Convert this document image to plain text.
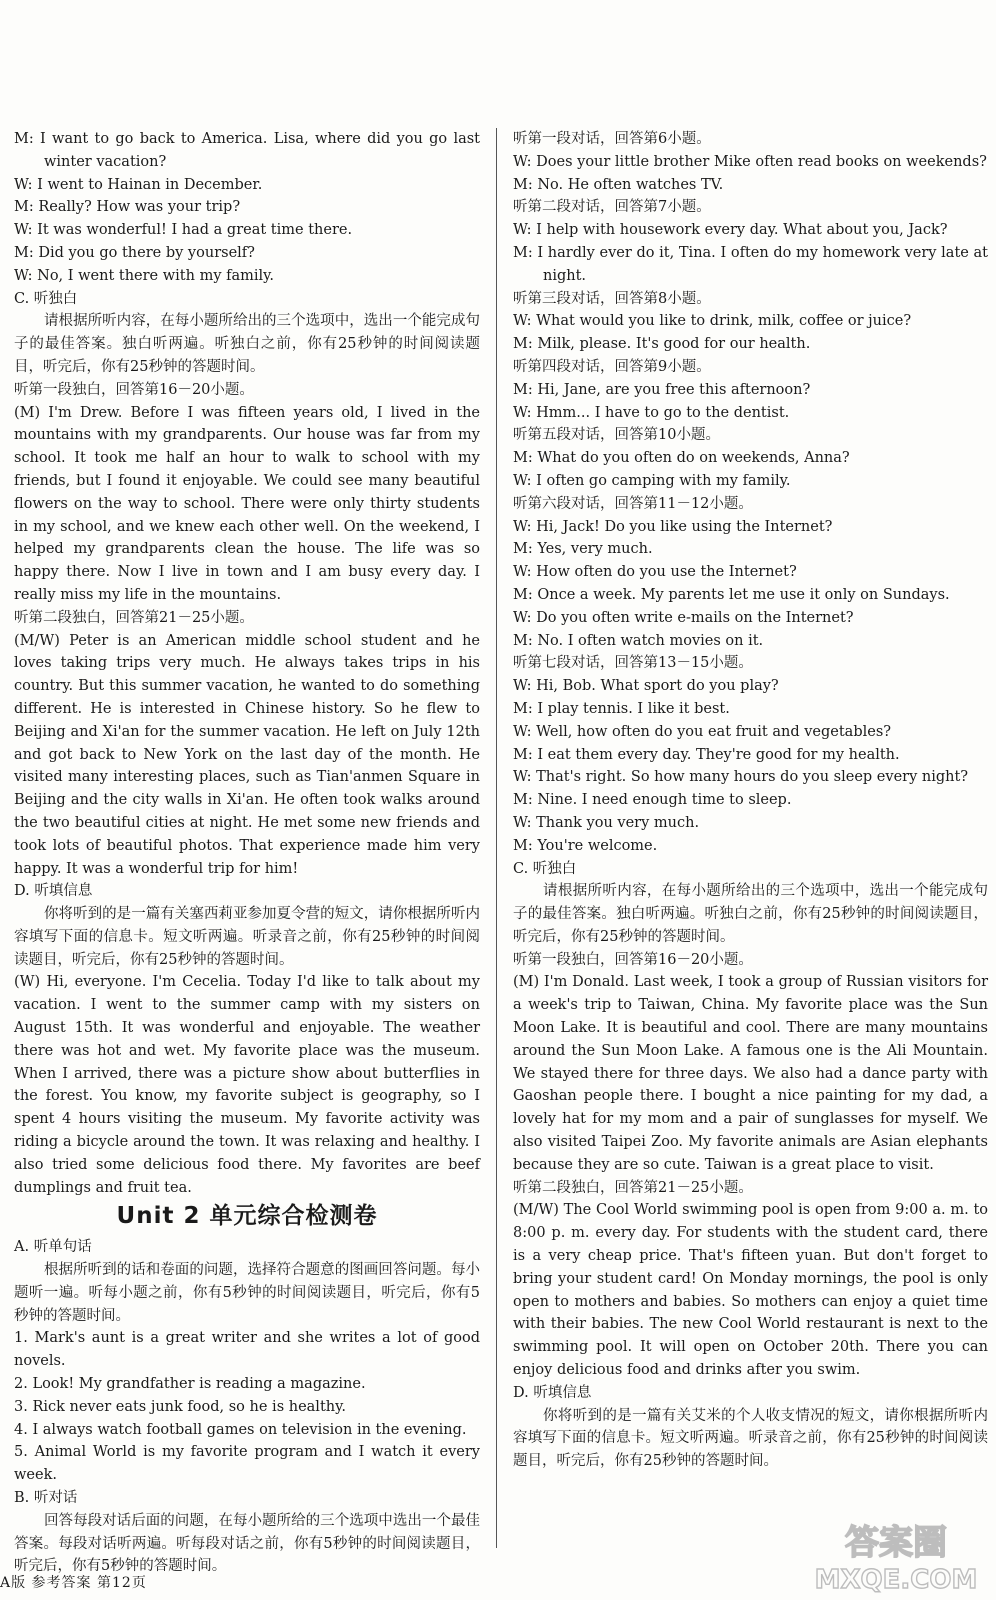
M: I want to go back to America. Lisa, where did you go last winter vacation?

W: I went to Hainan in December.

M: Really? How was your trip?

W: It was wonderful! I had a great time there.

M: Did you go there by yourself?

W: No, I went there with my family.

C. 听独白

请根据所听内容，在每小题所给出的三个选项中，选出一个能完成句子的最佳答案。独白听两遍。听独白之前，你有25秒钟的时间阅读题目，听完后，你有25秒钟的答题时间。

听第一段独白，回答第16－20小题。

(M) I'm Drew. Before I was fifteen years old, I lived in the mountains with my grandparents. Our house was far from my school. It took me half an hour to walk to school with my friends, but I found it enjoyable. We could see many beautiful flowers on the way to school. There were only thirty students in my school, and we knew each other well. On the weekend, I helped my grandparents clean the house. The life was so happy there. Now I live in town and I am busy every day. I really miss my life in the mountains.

听第二段独白，回答第21－25小题。

(M/W) Peter is an American middle school student and he loves taking trips very much. He always takes trips in his country. But this summer vacation, he wanted to do something different. He is interested in Chinese history. So he flew to Beijing and Xi'an for the summer vacation. He left on July 12th and got back to New York on the last day of the month. He visited many interesting places, such as Tian'anmen Square in Beijing and the city walls in Xi'an. He often took walks around the two beautiful cities at night. He met some new friends and took lots of beautiful photos. That experience made him very happy. It was a wonderful trip for him!

D. 听填信息

你将听到的是一篇有关塞西莉亚参加夏令营的短文，请你根据所听内容填写下面的信息卡。短文听两遍。听录音之前，你有25秒钟的时间阅读题目，听完后，你有25秒钟的答题时间。

(W) Hi, everyone. I'm Cecelia. Today I'd like to talk about my vacation. I went to the summer camp with my sisters on August 15th. It was wonderful and enjoyable. The weather there was hot and wet. My favorite place was the museum. When I arrived, there was a picture show about butterflies in the forest. You know, my favorite subject is geography, so I spent 4 hours visiting the museum. My favorite activity was riding a bicycle around the town. It was relaxing and healthy. I also tried some delicious food there. My favorites are beef dumplings and fruit tea.

Unit 2 单元综合检测卷

A. 听单句话

根据所听到的话和卷面的问题，选择符合题意的图画回答问题。每小题听一遍。听每小题之前，你有5秒钟的时间阅读题目，听完后，你有5秒钟的答题时间。

1. Mark's aunt is a great writer and she writes a lot of good novels.

2. Look! My grandfather is reading a magazine.

3. Rick never eats junk food, so he is healthy.

4. I always watch football games on television in the evening.

5. Animal World is my favorite program and I watch it every week.

B. 听对话

回答每段对话后面的问题，在每小题所给的三个选项中选出一个最佳答案。每段对话听两遍。听每段对话之前，你有5秒钟的时间阅读题目，听完后，你有5秒钟的答题时间。

听第一段对话，回答第6小题。

W: Does your little brother Mike often read books on weekends?

M: No. He often watches TV.

听第二段对话，回答第7小题。

W: I help with housework every day. What about you, Jack?

M: I hardly ever do it, Tina. I often do my homework very late at night.

听第三段对话，回答第8小题。

W: What would you like to drink, milk, coffee or juice?

M: Milk, please. It's good for our health.

听第四段对话，回答第9小题。

M: Hi, Jane, are you free this afternoon?

W: Hmm... I have to go to the dentist.

听第五段对话，回答第10小题。

M: What do you often do on weekends, Anna?

W: I often go camping with my family.

听第六段对话，回答第11－12小题。

W: Hi, Jack! Do you like using the Internet?

M: Yes, very much.

W: How often do you use the Internet?

M: Once a week. My parents let me use it only on Sundays.

W: Do you often write e-mails on the Internet?

M: No. I often watch movies on it.

听第七段对话，回答第13－15小题。

W: Hi, Bob. What sport do you play?

M: I play tennis. I like it best.

W: Well, how often do you eat fruit and vegetables?

M: I eat them every day. They're good for my health.

W: That's right. So how many hours do you sleep every night?

M: Nine. I need enough time to sleep.

W: Thank you very much.

M: You're welcome.

C. 听独白

请根据所听内容，在每小题所给出的三个选项中，选出一个能完成句子的最佳答案。独白听两遍。听独白之前，你有25秒钟的时间阅读题目，听完后，你有25秒钟的答题时间。

听第一段独白，回答第16－20小题。

(M) I'm Donald. Last week, I took a group of Russian visitors for a week's trip to Taiwan, China. My favorite place was the Sun Moon Lake. It is beautiful and cool. There are many mountains around the Sun Moon Lake. A famous one is the Ali Mountain. We stayed there for three days. We also had a dance party with Gaoshan people there. I bought a nice painting for my dad, a lovely hat for my mom and a pair of sunglasses for myself. We also visited Taipei Zoo. My favorite animals are Asian elephants because they are so cute. Taiwan is a great place to visit.

听第二段独白，回答第21－25小题。

(M/W) The Cool World swimming pool is open from 9:00 a. m. to 8:00 p. m. every day. For students with the student card, there is a very cheap price. That's fifteen yuan. But don't forget to bring your student card! On Monday mornings, the pool is only open to mothers and babies. So mothers can enjoy a quiet time with their babies. The new Cool World restaurant is next to the swimming pool. It will open on October 20th. There you can enjoy delicious food and drinks after you swim.

D. 听填信息

你将听到的是一篇有关艾米的个人收支情况的短文，请你根据所听内容填写下面的信息卡。短文听两遍。听录音之前，你有25秒钟的时间阅读题目，听完后，你有25秒钟的答题时间。

A版 参考答案 第12页
答案圈
MXQE.COM
